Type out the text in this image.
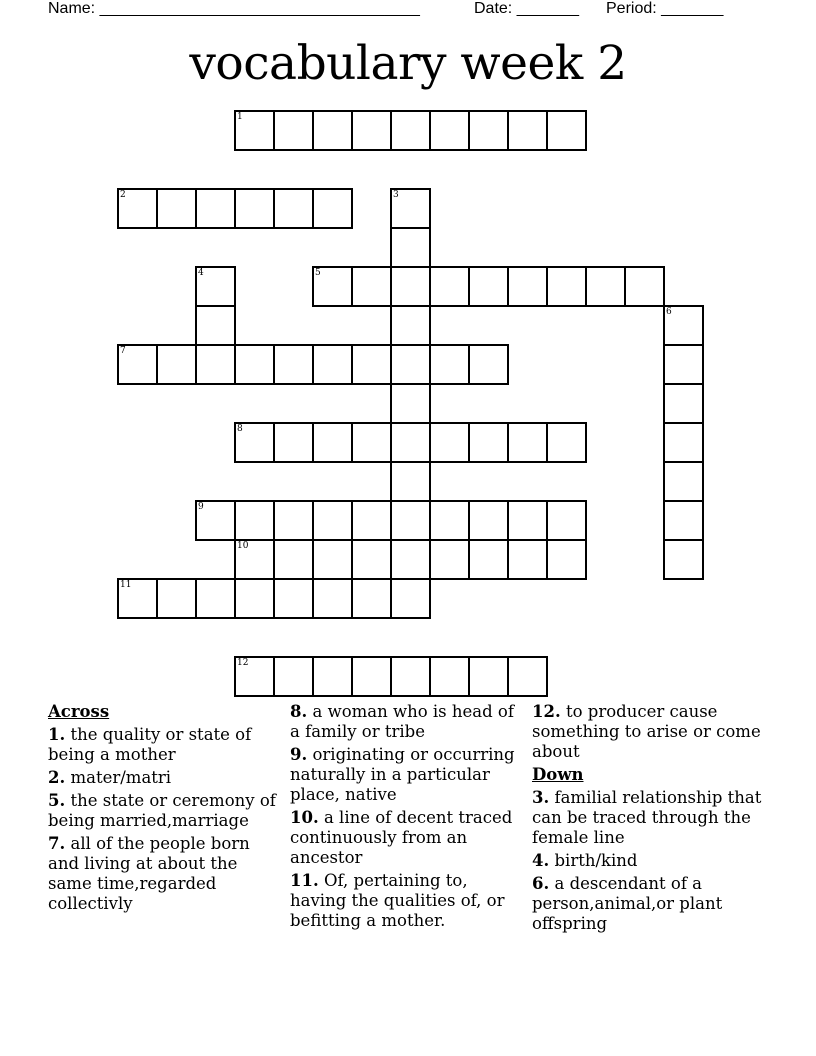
Name: ____________________________________	Date: _______ Period: _______
vocabulary week 2
1
2	3
4	5
6
7
8
9
10
11
12
Across
1. the quality or state of being a mother
2. mater/matri
5. the state or ceremony of being married,marriage
7. all of the people born and living at about the same time,regarded collectivly
8. a woman who is head of a family or tribe
9. originating or occurring naturally in a particular place, native
10. a line of decent traced continuously from an ancestor
11. Of, pertaining to, having the qualities of, or befitting a mother.
12. to producer cause something to arise or come about
Down
3. familial relationship that can be traced through the female line
4. birth/kind
6. a descendant of a person,animal,or plant offspring
